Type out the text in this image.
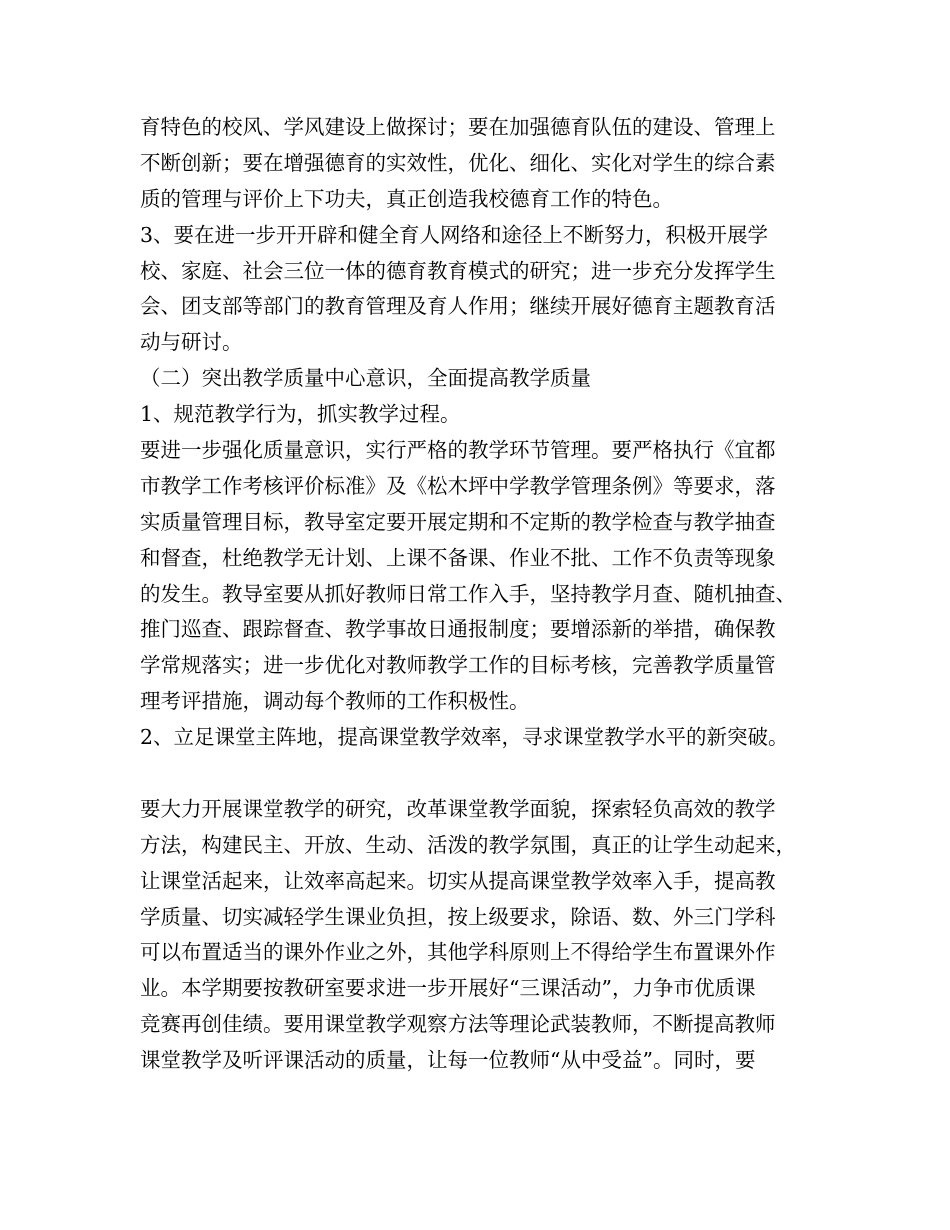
育特色的校风、学风建设上做探讨；要在加强德育队伍的建设、管理上
不断创新；要在增强德育的实效性，优化、细化、实化对学生的综合素
质的管理与评价上下功夫，真正创造我校德育工作的特色。
3、要在进一步开开辟和健全育人网络和途径上不断努力，积极开展学
校、家庭、社会三位一体的德育教育模式的研究；进一步充分发挥学生
会、团支部等部门的教育管理及育人作用；继续开展好德育主题教育活
动与研讨。
（二）突出教学质量中心意识，全面提高教学质量
1、规范教学行为，抓实教学过程。
要进一步强化质量意识，实行严格的教学环节管理。要严格执行《宜都
市教学工作考核评价标准》及《松木坪中学教学管理条例》等要求，落
实质量管理目标，教导室定要开展定期和不定斯的教学检查与教学抽查
和督查，杜绝教学无计划、上课不备课、作业不批、工作不负责等现象
的发生。教导室要从抓好教师日常工作入手，坚持教学月查、随机抽查、
推门巡查、跟踪督查、教学事故日通报制度；要增添新的举措，确保教
学常规落实；进一步优化对教师教学工作的目标考核，完善教学质量管
理考评措施，调动每个教师的工作积极性。
2、立足课堂主阵地，提高课堂教学效率，寻求课堂教学水平的新突破。
要大力开展课堂教学的研究，改革课堂教学面貌，探索轻负高效的教学
方法，构建民主、开放、生动、活泼的教学氛围，真正的让学生动起来，
让课堂活起来，让效率高起来。切实从提高课堂教学效率入手，提高教
学质量、切实减轻学生课业负担，按上级要求，除语、数、外三门学科
可以布置适当的课外作业之外，其他学科原则上不得给学生布置课外作
业。本学期要按教研室要求进一步开展好“三课活动”，力争市优质课
竞赛再创佳绩。要用课堂教学观察方法等理论武装教师，不断提高教师
课堂教学及听评课活动的质量，让每一位教师“从中受益”。同时，要
